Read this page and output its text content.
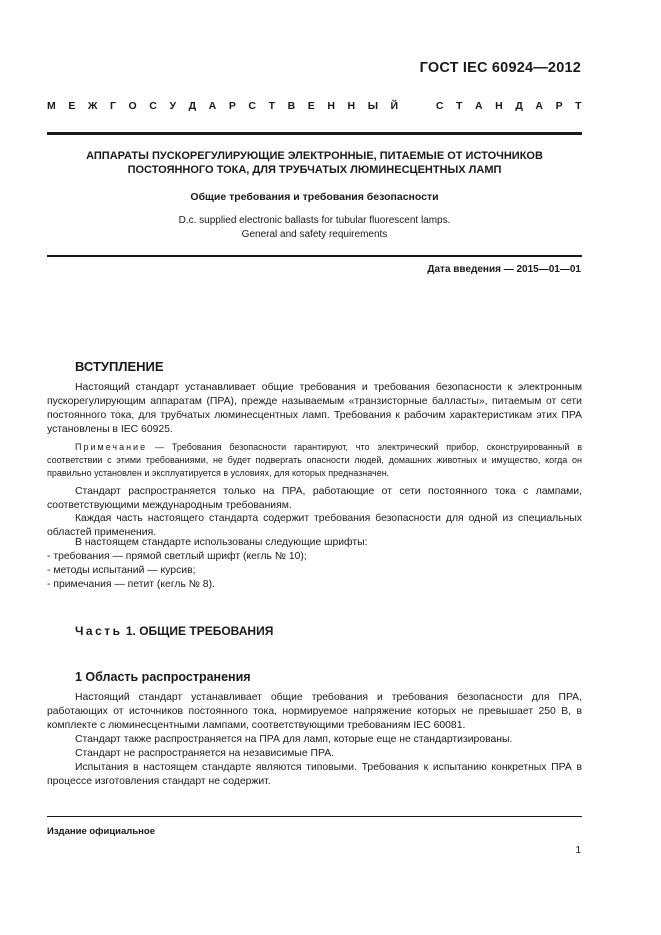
ГОСТ IEC 60924—2012
М Е Ж Г О С У Д А Р С Т В Е Н Н Ы Й	С Т А Н Д А Р Т
АППАРАТЫ ПУСКОРЕГУЛИРУЮЩИЕ ЭЛЕКТРОННЫЕ, ПИТАЕМЫЕ ОТ ИСТОЧНИКОВ
ПОСТОЯННОГО ТОКА, ДЛЯ ТРУБЧАТЫХ ЛЮМИНЕСЦЕНТНЫХ ЛАМП
Общие требования и требования безопасности
D.c. supplied electronic ballasts for tubular fluorescent lamps.
General and safety requirements
Дата введения — 2015—01—01
ВСТУПЛЕНИЕ
Настоящий стандарт устанавливает общие требования и требования безопасности к электронным пускорегулирующим аппаратам (ПРА), прежде называемым «транзисторные балласты», питаемым от сети постоянного тока, для трубчатых люминесцентных ламп. Требования к рабочим характеристикам этих ПРА установлены в IEC 60925.
Примечание — Требования безопасности гарантируют, что электрический прибор, сконструированный в соответствии с этими требованиями, не будет подвергать опасности людей, домашних животных и имущество, когда он правильно установлен и эксплуатируется в условиях, для которых предназначен.
Стандарт распространяется только на ПРА, работающие от сети постоянного тока с лампами, соответствующими международным требованиям.
Каждая часть настоящего стандарта содержит требования безопасности для одной из специальных областей применения.
В настоящем стандарте использованы следующие шрифты:
- требования — прямой светлый шрифт (кегль № 10);
- методы испытаний — курсив;
- примечания — петит (кегль № 8).
Часть 1. ОБЩИЕ ТРЕБОВАНИЯ
1 Область распространения
Настоящий стандарт устанавливает общие требования и требования безопасности для ПРА, работающих от источников постоянного тока, нормируемое напряжение которых не превышает 250 В, в комплекте с люминесцентными лампами, соответствующими требованиям IEC 60081.
Стандарт также распространяется на ПРА для ламп, которые еще не стандартизированы.
Стандарт не распространяется на независимые ПРА.
Испытания в настоящем стандарте являются типовыми. Требования к испытанию конкретных ПРА в процессе изготовления стандарт не содержит.
Издание официальное
1
